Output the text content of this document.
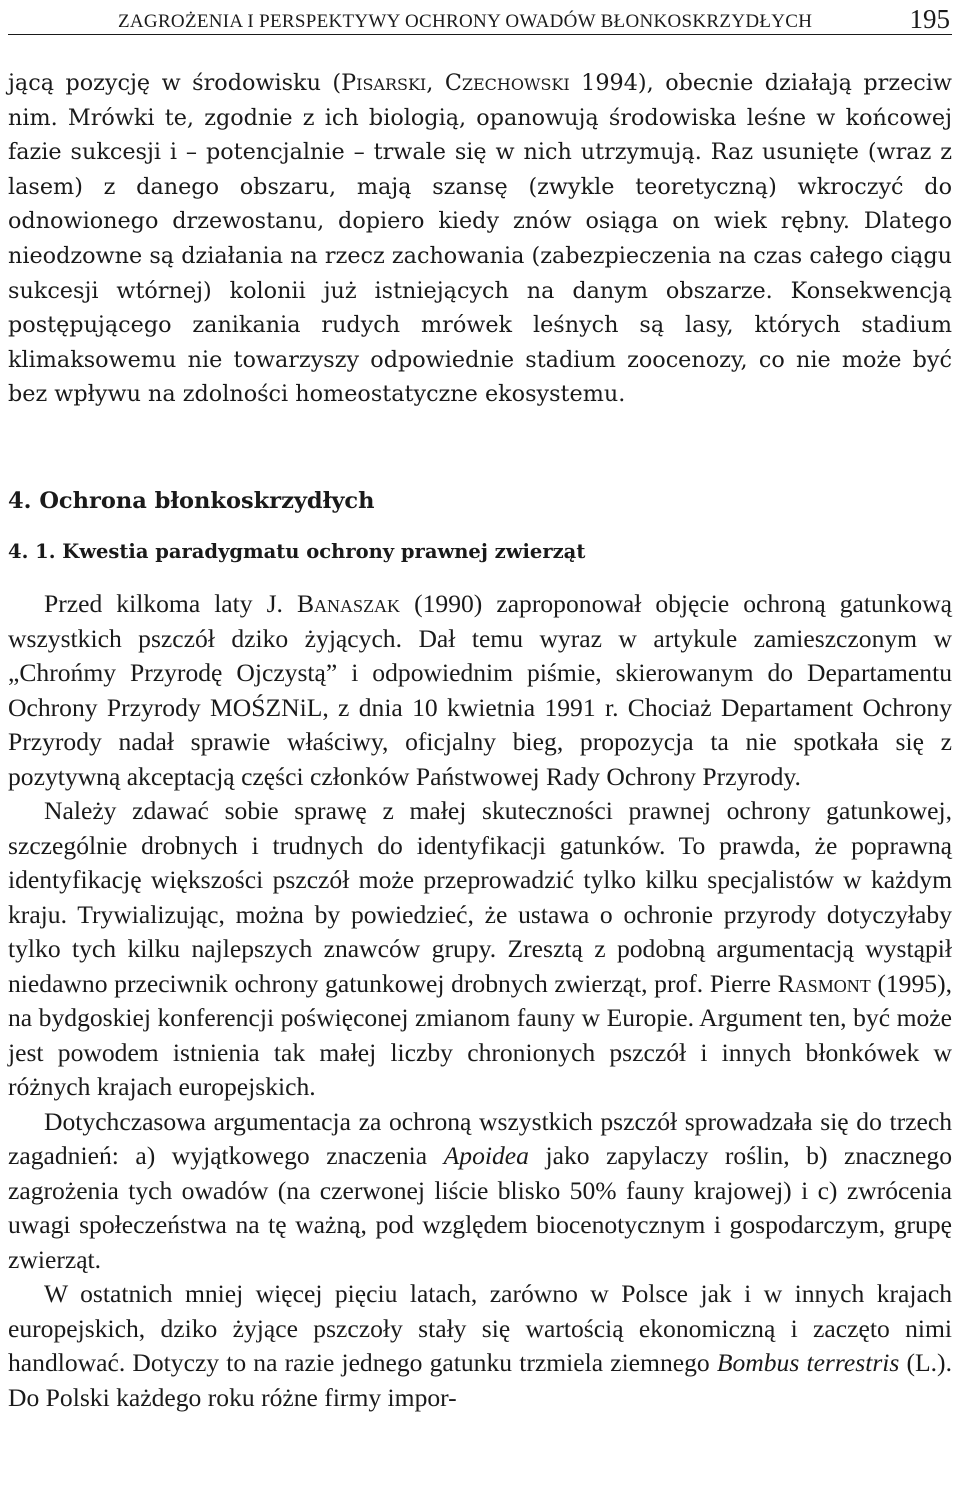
ZAGROŻENIA I PERSPEKTYWY OCHRONY OWADÓW BŁONKOSKRZYDŁYCH	195

jącą pozycję w środowisku (Pisarski, Czechowski 1994), obecnie działają przeciw nim. Mrówki te, zgodnie z ich biologią, opanowują środowiska leśne w końcowej fazie sukcesji i – potencjalnie – trwale się w nich utrzymują. Raz usunięte (wraz z lasem) z danego obszaru, mają szansę (zwykle teoretyczną) wkroczyć do odnowionego drzewostanu, dopiero kiedy znów osiąga on wiek rębny. Dlatego nieodzowne są działania na rzecz zachowania (zabezpieczenia na czas całego ciągu sukcesji wtórnej) kolonii już istniejących na danym obszarze. Konsekwencją postępującego zanikania rudych mrówek leśnych są lasy, których stadium klimaksowemu nie towarzyszy odpowiednie stadium zoocenozy, co nie może być bez wpływu na zdolności homeostatyczne ekosystemu.

4. Ochrona błonkoskrzydłych
4. 1. Kwestia paradygmatu ochrony prawnej zwierząt

Przed kilkoma laty J. Banaszak (1990) zaproponował objęcie ochroną gatunkową wszystkich pszczół dziko żyjących. Dał temu wyraz w artykule zamieszczonym w „Chrońmy Przyrodę Ojczystą” i odpowiednim piśmie, skierowanym do Departamentu Ochrony Przyrody MOŚZNiL, z dnia 10 kwietnia 1991 r. Chociaż Departament Ochrony Przyrody nadał sprawie właściwy, oficjalny bieg, propozycja ta nie spotkała się z pozytywną akceptacją części członków Państwowej Rady Ochrony Przyrody.

Należy zdawać sobie sprawę z małej skuteczności prawnej ochrony gatunkowej, szczególnie drobnych i trudnych do identyfikacji gatunków. To prawda, że poprawną identyfikację większości pszczół może przeprowadzić tylko kilku specjalistów w każdym kraju. Trywializując, można by powiedzieć, że ustawa o ochronie przyrody dotyczyłaby tylko tych kilku najlepszych znawców grupy. Zresztą z podobną argumentacją wystąpił niedawno przeciwnik ochrony gatunkowej drobnych zwierząt, prof. Pierre Rasmont (1995), na bydgoskiej konferencji poświęconej zmianom fauny w Europie. Argument ten, być może jest powodem istnienia tak małej liczby chronionych pszczół i innych błonkówek w różnych krajach europejskich.

Dotychczasowa argumentacja za ochroną wszystkich pszczół sprowadzała się do trzech zagadnień: a) wyjątkowego znaczenia Apoidea jako zapylaczy roślin, b) znacznego zagrożenia tych owadów (na czerwonej liście blisko 50% fauny krajowej) i c) zwrócenia uwagi społeczeństwa na tę ważną, pod względem biocenotycznym i gospodarczym, grupę zwierząt.

W ostatnich mniej więcej pięciu latach, zarówno w Polsce jak i w innych krajach europejskich, dziko żyjące pszczoły stały się wartością ekonomiczną i zaczęto nimi handlować. Dotyczy to na razie jednego gatunku trzmiela ziemnego Bombus terrestris (L.). Do Polski każdego roku różne firmy impor-
